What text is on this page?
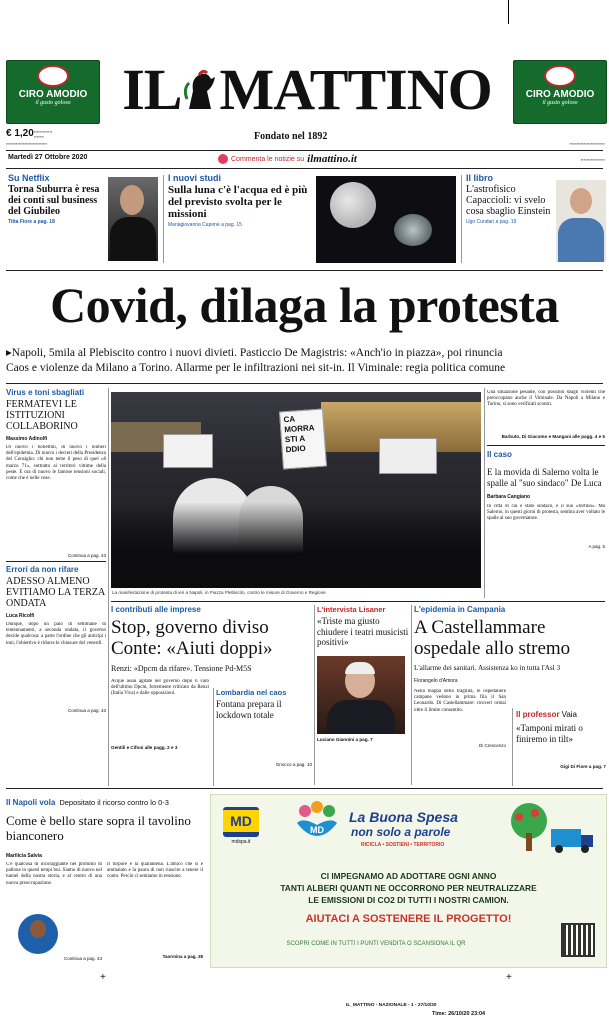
CIRO AMODIO
il gusto goloso
CIRO AMODIO
il gusto goloso
IL MATTINO
€ 1,20 ▪▪▪▪▪▪▪▪▪▪▪▪▪
▪▪▪▪▪▪▪
▪▪▪▪▪▪▪▪▪▪▪▪▪▪▪▪▪▪▪▪▪▪▪▪▪▪▪▪▪
Fondato nel 1892
▪▪▪▪▪▪▪▪▪▪▪▪▪▪▪▪▪▪▪▪▪▪▪▪▪
Martedì 27 Ottobre 2020	Commenta le notizie su ilmattino.it	▪▪▪▪▪▪▪▪▪▪▪▪▪▪▪▪▪
Su Netflix
Torna Suburra è resa dei conti sul business del Giubileo
Titta Fiore a pag. 18
I nuovi studi
Sulla luna c'è l'acqua ed è più del previsto svolta per le missioni
Mariagiovanna Capone a pag. 15
Il libro
L'astrofisico Capaccioli: vi svelo cosa sbaglio Einstein
Ugo Cundari a pag. 19
Covid, dilaga la protesta
▸Napoli, 5mila al Plebiscito contro i nuovi divieti. Pasticcio De Magistris: «Anch'io in piazza», poi rinuncia
Caos e violenze da Milano a Torino. Allarme per le infiltrazioni nei sit-in. Il Viminale: regia politica comune
Virus e toni sbagliati
FERMATEVI LE ISTITUZIONI COLLABORINO
Massimo Adinolfi
Di nuovo i bollettini, di nuovo i numeri dell'epidemia. Di nuovo i decreti della Presidenza del Consiglio: chi non teme il peso di quel «8 marzo 71», sottratto ai territori vittime della peste. E ora di nuovo le famose tensioni sociali, come che è nelle cose.
Continua a pag. 43
Errori da non rifare
ADESSO ALMENO EVITIAMO LA TERZA ONDATA
Luca Ricolfi
Dunque, dopo un paio di settimane di tentennamenti, a seconda ondata, il governo decide qualcosa: a parte l'ordine che gli anticipi i toni, l'obiettivo è ridurre le chiusure del venerdì.
Continua a pag. 43
CA MORRA STI A DDIO
La manifestazione di protesta di ieri a Napoli, in Piazza Plebiscito, contro le misure di Governo e Regione
Una situazione pesante, con possibili sbagli violenti che preoccupano anche il Viminale. Da Napoli a Milano e Torino, si sono verificati scontri.
Barbuto, Di Giacomo e Mangani alle pagg. 4 e 5
Il caso
E la movida di Salerno volta le spalle al "suo sindaco" De Luca
Barbara Cangiano
In città di cui è stato sindaco, e il suo «fortino». Ma Salerno, in questi giorni di protesta, sembra aver voltato le spalle al suo governatore.
A pag. 5
I contributi alle imprese
Stop, governo diviso Conte: «Aiuti doppi»
Renzi: «Dpcm da rifare». Tensione Pd-M5S
Acque assai agitate nel governo dopo il varo dell'ultimo Dpcm, fortemente criticato da Renzi (Italia Viva) e dalle opposizioni.
Gentili e Cifoni alle pagg. 2 e 3
Lombardia nel caos
Fontana prepara il lockdown totale
Gnocco a pag. 10
L'intervista Lisaner
«Triste ma giusto chiudere i teatri musicisti positivi»
Luciano Giannini a pag. 7
L'epidemia in Campania
A Castellammare ospedale allo stremo
L'allarme dei sanitari. Assistenza ko in tutta l'Asl 3
Fiorangelo d'Amora
Nella mappa della fragilità, le ospedaliere campane vedono in prima fila il San Leonardo. Di Castellammare: ricoveri ormai oltre il limite consentito.
Di Crescenzo
Il professor Vaia
«Tamponi mirati o finiremo in tilt»
Gigi Di Fiore a pag. 7
Il Napoli vola Depositato il ricorso contro lo 0-3
Come è bello stare sopra il tavolino bianconero
Marilicia Salvia
C'è qualcosa di incoraggiante nel profumo di pallone in questi tempi bui. Siamo di nuovo nel tunnel della nostra storia, e al centro di una nuova preoccupazione.
Continua a pag. 43
Il torpore e la quarantena. L'amico che si è ammalato e la paura di non riuscire a tenere il conto. Perciò ci sentiamo in tensione.
Taormina a pag. 38
MD
mdspa.it
MD
La Buona Spesa
non solo a parole
RICICLA • SOSTIENI • TERRITORIO
CI IMPEGNAMO AD ADOTTARE OGNI ANNO
TANTI ALBERI QUANTI NE OCCORRONO PER NEUTRALIZZARE
LE EMISSIONI DI CO2 DI TUTTI I NOSTRI CAMION.
AIUTACI A SOSTENERE IL PROGETTO!
SCOPRI COME IN TUTTI I PUNTI VENDITA O SCANSIONA IL QR
+	+
IL_MATTINO - NAZIONALE - 1 - 27/10/20
Time: 26/10/20 23:04
